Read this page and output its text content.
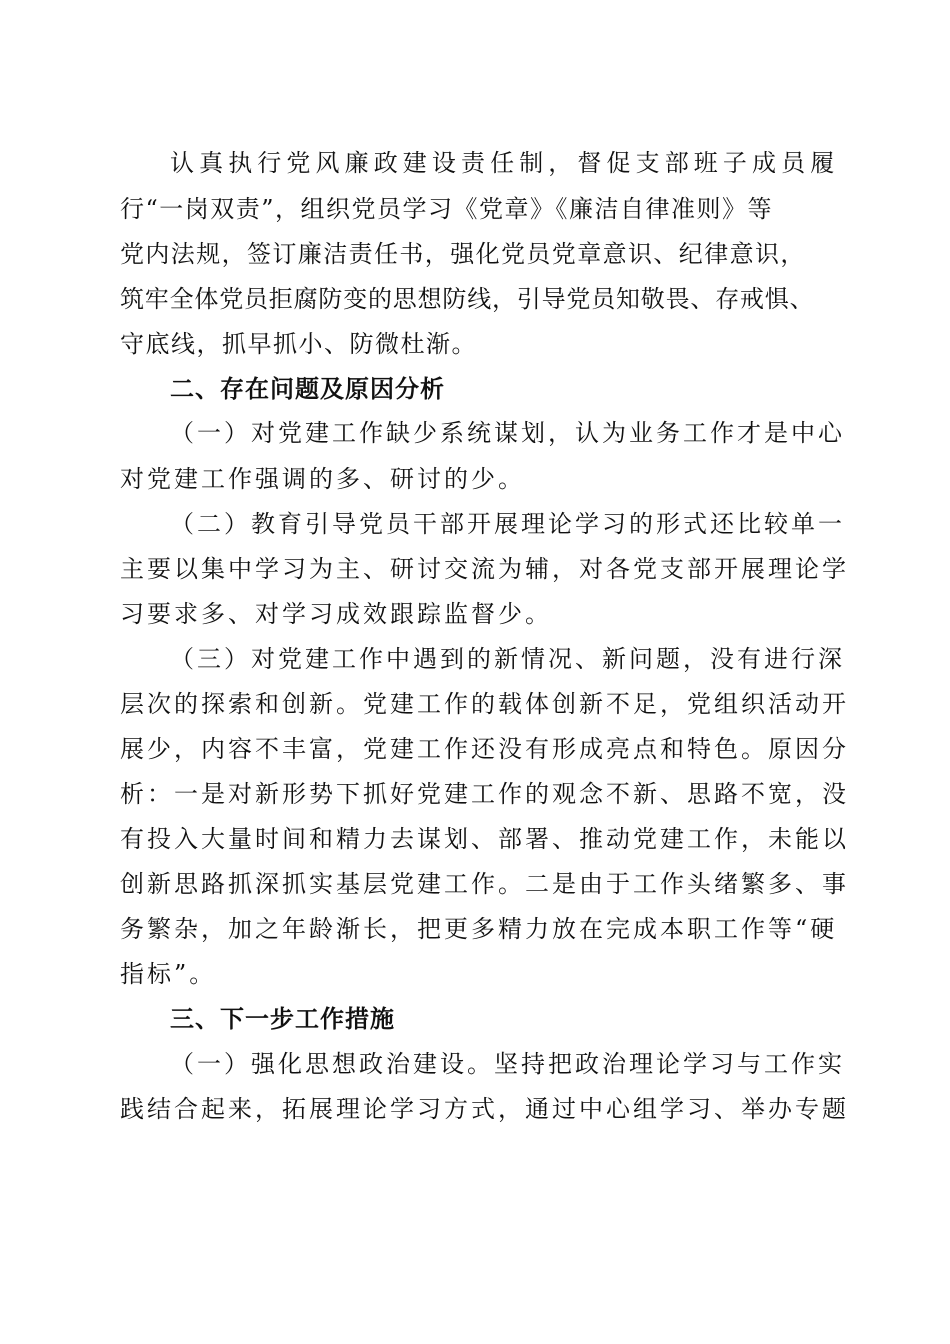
认真执行党风廉政建设责任制，督促支部班子成员履
行“一岗双责”，组织党员学习《党章》《廉洁自律准则》等
党内法规，签订廉洁责任书，强化党员党章意识、纪律意识，
筑牢全体党员拒腐防变的思想防线，引导党员知敬畏、存戒惧、
守底线，抓早抓小、防微杜渐。
二、存在问题及原因分析
（一）对党建工作缺少系统谋划，认为业务工作才是中心
对党建工作强调的多、研讨的少。
（二）教育引导党员干部开展理论学习的形式还比较单一
主要以集中学习为主、研讨交流为辅，对各党支部开展理论学
习要求多、对学习成效跟踪监督少。
（三）对党建工作中遇到的新情况、新问题，没有进行深
层次的探索和创新。党建工作的载体创新不足，党组织活动开
展少，内容不丰富，党建工作还没有形成亮点和特色。原因分
析：一是对新形势下抓好党建工作的观念不新、思路不宽，没
有投入大量时间和精力去谋划、部署、推动党建工作，未能以
创新思路抓深抓实基层党建工作。二是由于工作头绪繁多、事
务繁杂，加之年龄渐长，把更多精力放在完成本职工作等“硬
指标”。
三、下一步工作措施
（一）强化思想政治建设。坚持把政治理论学习与工作实
践结合起来，拓展理论学习方式，通过中心组学习、举办专题
